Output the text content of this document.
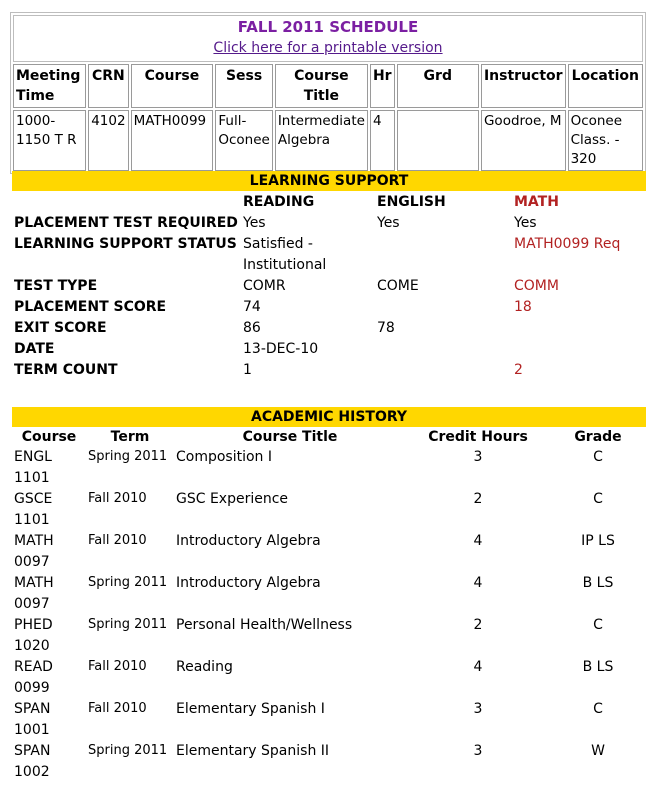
FALL 2011 SCHEDULE
Click here for a printable version								
Meeting Time	CRN	Course	Sess	Course Title	Hr	Grd	Instructor	Location
1000-1150 T R	4102	MATH0099	Full-Oconee	Intermediate Algebra	4		Goodroe, M	Oconee Class. - 320
LEARNING SUPPORT
	READING	ENGLISH	MATH
PLACEMENT TEST REQUIRED	Yes	Yes	Yes
LEARNING SUPPORT STATUS	Satisfied - Institutional		MATH0099 Req
TEST TYPE	COMR	COME	COMM
PLACEMENT SCORE	74		18
EXIT SCORE	86	78	
DATE	13-DEC-10		
TERM COUNT	1		2
ACADEMIC HISTORY
Course	Term	Course Title	Credit Hours	Grade
ENGL 1101	Spring 2011	Composition I	3	C
GSCE 1101	Fall 2010	GSC Experience	2	C
MATH 0097	Fall 2010	Introductory Algebra	4	IP LS
MATH 0097	Spring 2011	Introductory Algebra	4	B LS
PHED 1020	Spring 2011	Personal Health/Wellness	2	C
READ 0099	Fall 2010	Reading	4	B LS
SPAN 1001	Fall 2010	Elementary Spanish I	3	C
SPAN 1002	Spring 2011	Elementary Spanish II	3	W
